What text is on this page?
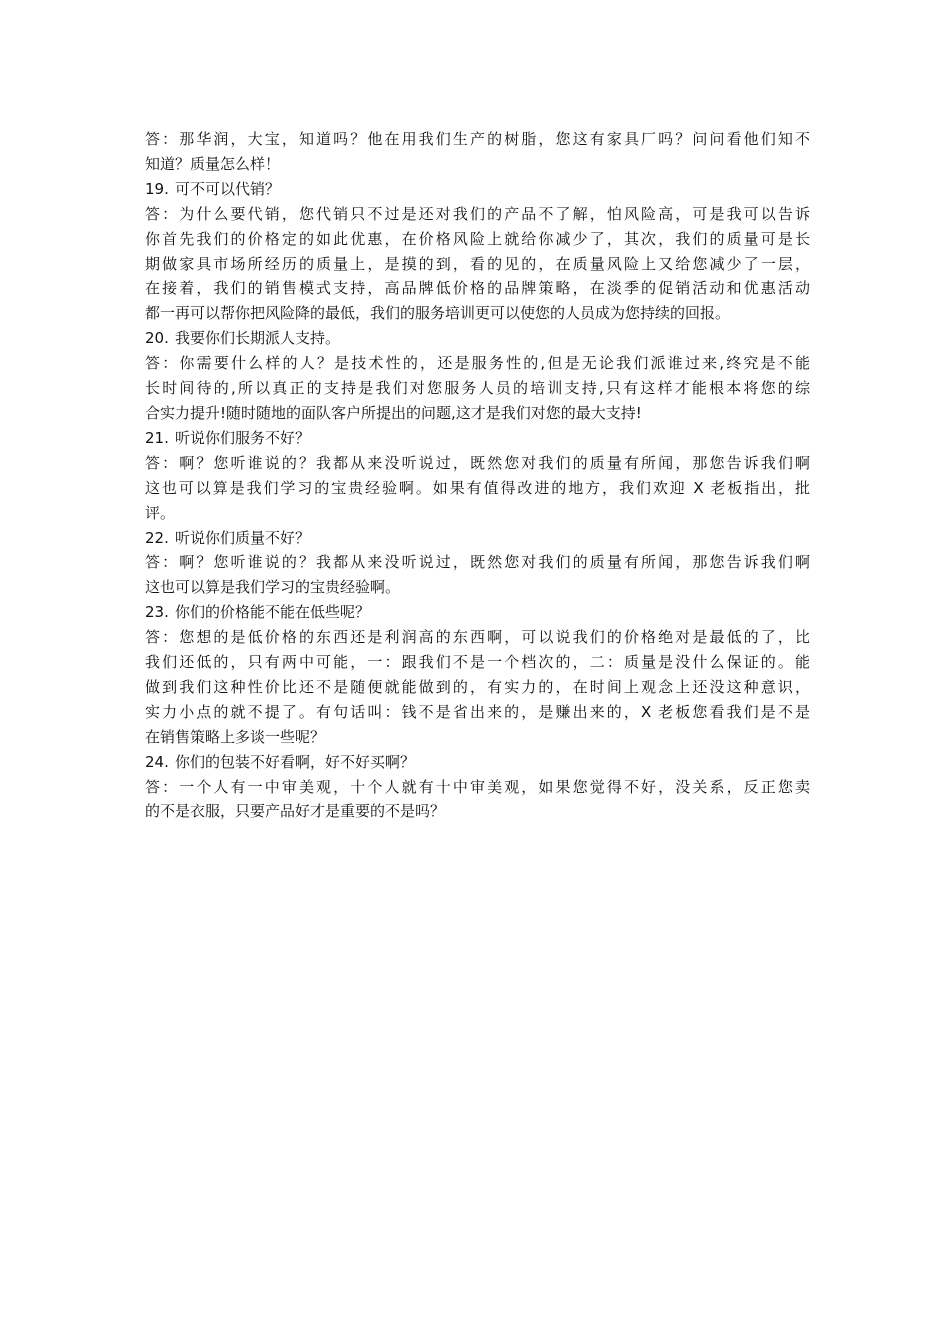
答：那华润，大宝，知道吗？他在用我们生产的树脂，您这有家具厂吗？问问看他们知不
知道？质量怎么样！
19. 可不可以代销？
答：为什么要代销，您代销只不过是还对我们的产品不了解，怕风险高，可是我可以告诉
你首先我们的价格定的如此优惠，在价格风险上就给你减少了，其次，我们的质量可是长
期做家具市场所经历的质量上，是摸的到，看的见的，在质量风险上又给您减少了一层，
在接着，我们的销售模式支持，高品牌低价格的品牌策略，在淡季的促销活动和优惠活动
都一再可以帮你把风险降的最低，我们的服务培训更可以使您的人员成为您持续的回报。
20. 我要你们长期派人支持。
答：你需要什么样的人？是技术性的，还是服务性的,但是无论我们派谁过来,终究是不能
长时间待的,所以真正的支持是我们对您服务人员的培训支持,只有这样才能根本将您的综
合实力提升!随时随地的面队客户所提出的问题,这才是我们对您的最大支持!
21. 听说你们服务不好？
答：啊？您听谁说的？我都从来没听说过，既然您对我们的质量有所闻，那您告诉我们啊
这也可以算是我们学习的宝贵经验啊。如果有值得改进的地方，我们欢迎 X 老板指出，批
评。
22. 听说你们质量不好？
答：啊？您听谁说的？我都从来没听说过，既然您对我们的质量有所闻，那您告诉我们啊
这也可以算是我们学习的宝贵经验啊。
23. 你们的价格能不能在低些呢？
答：您想的是低价格的东西还是利润高的东西啊，可以说我们的价格绝对是最低的了，比
我们还低的，只有两中可能，一：跟我们不是一个档次的，二：质量是没什么保证的。能
做到我们这种性价比还不是随便就能做到的，有实力的，在时间上观念上还没这种意识，
实力小点的就不提了。有句话叫：钱不是省出来的，是赚出来的，X 老板您看我们是不是
在销售策略上多谈一些呢？
24. 你们的包装不好看啊，好不好买啊？
答：一个人有一中审美观，十个人就有十中审美观，如果您觉得不好，没关系，反正您卖
的不是衣服，只要产品好才是重要的不是吗？
